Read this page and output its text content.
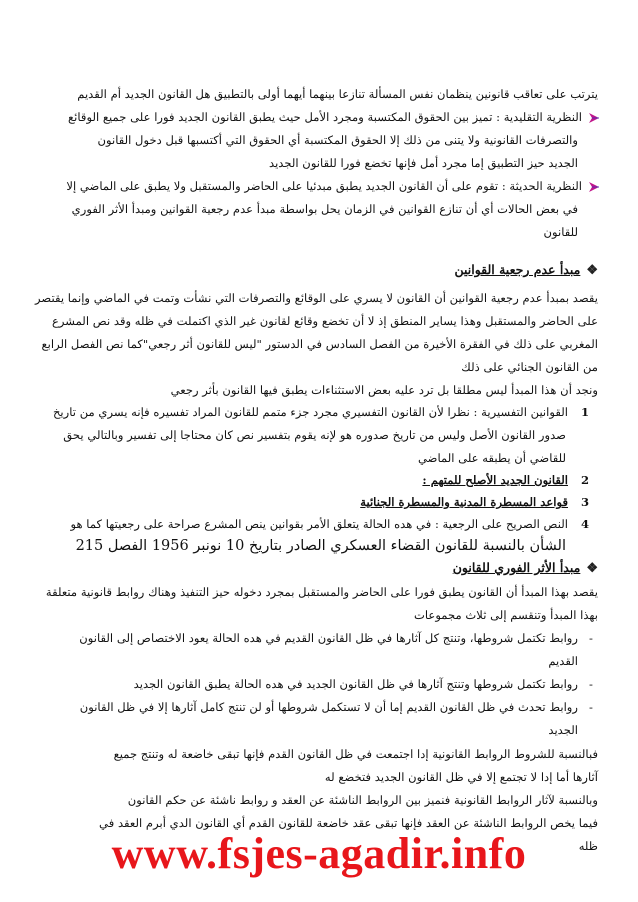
يترتب على تعاقب قانونين ينظمان نفس المسألة تنازعا بينهما أيهما أولى بالتطبيق هل القانون الجديد أم القديم
النظرية التقليدية : تميز بين الحقوق المكتسبة ومجرد الأمل حيث يطبق القانون الجديد فورا على جميع الوقائع
والتصرفات القانونية ولا يتنى من ذلك إلا الحقوق المكتسبة أي الحقوق التي أكتسبها قبل دخول القانون
الجديد حيز التطبيق إما مجرد أمل فإنها تخضع فورا للقانون الجديد
النظرية الحديثة : تقوم على أن القانون الجديد يطبق مبدئيا على الحاضر والمستقبل ولا يطبق على الماضي إلا
في بعض الحالات أي أن تنازع القوانين في الزمان يحل بواسطة مبدأ عدم رجعية القوانين ومبدأ الأثر الفوري
للقانون
❖مبدأ عدم رجعية القوانين
يقصد بمبدأ عدم رجعية القوانين أن القانون لا يسري على الوقائع والتصرفات التي نشأت وتمت في الماضي وإنما يقتصر
على الحاضر والمستقبل وهذا يساير المنطق إذ لا أن تخضع وقائع لقانون غير الذي اكتملت في ظله وقد نص المشرع
المغربي على ذلك في الفقرة الأخيرة من الفصل السادس في الدستور "ليس للقانون أثر رجعي"كما نص الفصل الرابع
من القانون الجنائي على ذلك
ونجد أن هذا المبدأ ليس مطلقا بل ترد عليه بعض الاستثناءات يطبق فيها القانون بأثر رجعي
1القوانين التفسيرية : نظرا لأن القانون التفسيري مجرد جزء متمم للقانون المراد تفسيره فإنه يسري من تاريخ
صدور القانون الأصل وليس من تاريخ صدوره هو لإنه يقوم بتفسير نص كان محتاجا إلى تفسير وبالتالي يحق
للقاضي أن يطبقه على الماضي
2القانون الجديد الأصلح للمتهم :
3قواعد المسطرة المدنية والمسطرة الجنائية
4النص الصريح على الرجعية : في هده الحالة يتعلق الأمر بقوانين ينص المشرع صراحة على رجعيتها كما هو
الشأن بالنسبة للقانون القضاء العسكري الصادر بتاريخ 10 نونبر 1956 الفصل 215
❖مبدأ الأثر الفوري للقانون
يقصد بهذا المبدأ أن القانون يطبق فورا على الحاضر والمستقبل بمجرد دخوله حيز التنفيذ وهناك روابط قانونية متعلقة
بهذا المبدأ وتنقسم إلى ثلاث مجموعات
-روابط تكتمل شروطها، وتنتج كل آثارها في ظل القانون القديم في هده الحالة يعود الاختصاص إلى القانون
القديم
-روابط تكتمل شروطها وتنتج آثارها في ظل القانون الجديد في هده الحالة يطبق القانون الجديد
-روابط تحدث في ظل القانون القديم إما أن لا تستكمل شروطها أو لن تنتج كامل آثارها إلا في ظل القانون
الجديد
فبالنسبة للشروط الروابط القانونية إدا اجتمعت في ظل القانون القدم فإنها تبقى خاضعة له وتنتج جميع
آثارها أما إدا لا تجتمع إلا في ظل القانون الجديد فتخضع له
وبالنسبة لآثار الروابط القانونية فنميز بين الروابط الناشئة عن العقد و روابط ناشئة عن حكم القانون
فيما يخص الروابط الناشئة عن العقد فإنها تبقى عقد خاضعة للقانون القدم أي القانون الدي أبرم العقد في
ظله
www.fsjes-agadir.info
